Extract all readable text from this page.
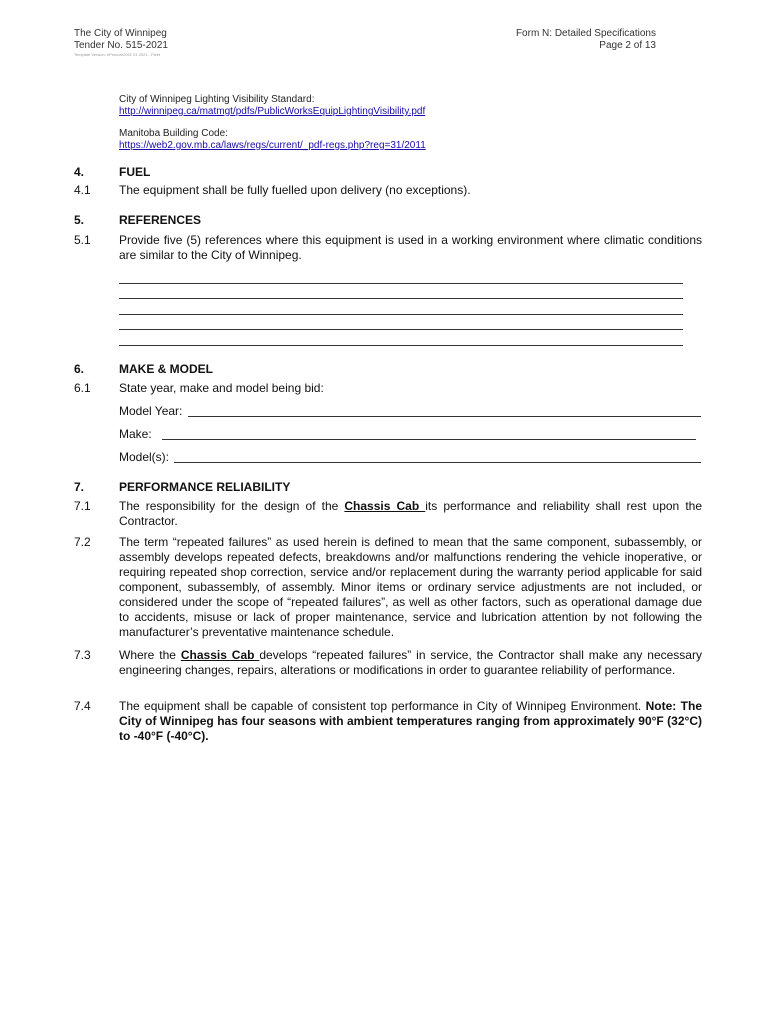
The City of Winnipeg
Tender No. 515-2021
Template Version: eProcure2021 01 2021 - Fleet
Form N: Detailed Specifications
Page 2 of 13
City of Winnipeg Lighting Visibility Standard:
http://winnipeg.ca/matmgt/pdfs/PublicWorksEquipLightingVisibility.pdf
Manitoba Building Code:
https://web2.gov.mb.ca/laws/regs/current/_pdf-regs.php?reg=31/2011
4.	FUEL
4.1	The equipment shall be fully fuelled upon delivery (no exceptions).
5.	REFERENCES
5.1	Provide five (5) references where this equipment is used in a working environment where climatic conditions are similar to the City of Winnipeg.
6.	MAKE & MODEL
6.1	State year, make and model being bid:
Model Year:
Make:
Model(s):
7.	PERFORMANCE RELIABILITY
7.1	The responsibility for the design of the Chassis Cab its performance and reliability shall rest upon the Contractor.
7.2	The term “repeated failures” as used herein is defined to mean that the same component, subassembly, or assembly develops repeated defects, breakdowns and/or malfunctions rendering the vehicle inoperative, or requiring repeated shop correction, service and/or replacement during the warranty period applicable for said component, subassembly, of assembly. Minor items or ordinary service adjustments are not included, or considered under the scope of “repeated failures”, as well as other factors, such as operational damage due to accidents, misuse or lack of proper maintenance, service and lubrication attention by not following the manufacturer’s preventative maintenance schedule.
7.3	Where the Chassis Cab develops “repeated failures” in service, the Contractor shall make any necessary engineering changes, repairs, alterations or modifications in order to guarantee reliability of performance.
7.4	The equipment shall be capable of consistent top performance in City of Winnipeg Environment. Note: The City of Winnipeg has four seasons with ambient temperatures ranging from approximately 90°F (32°C) to -40°F (-40°C).
